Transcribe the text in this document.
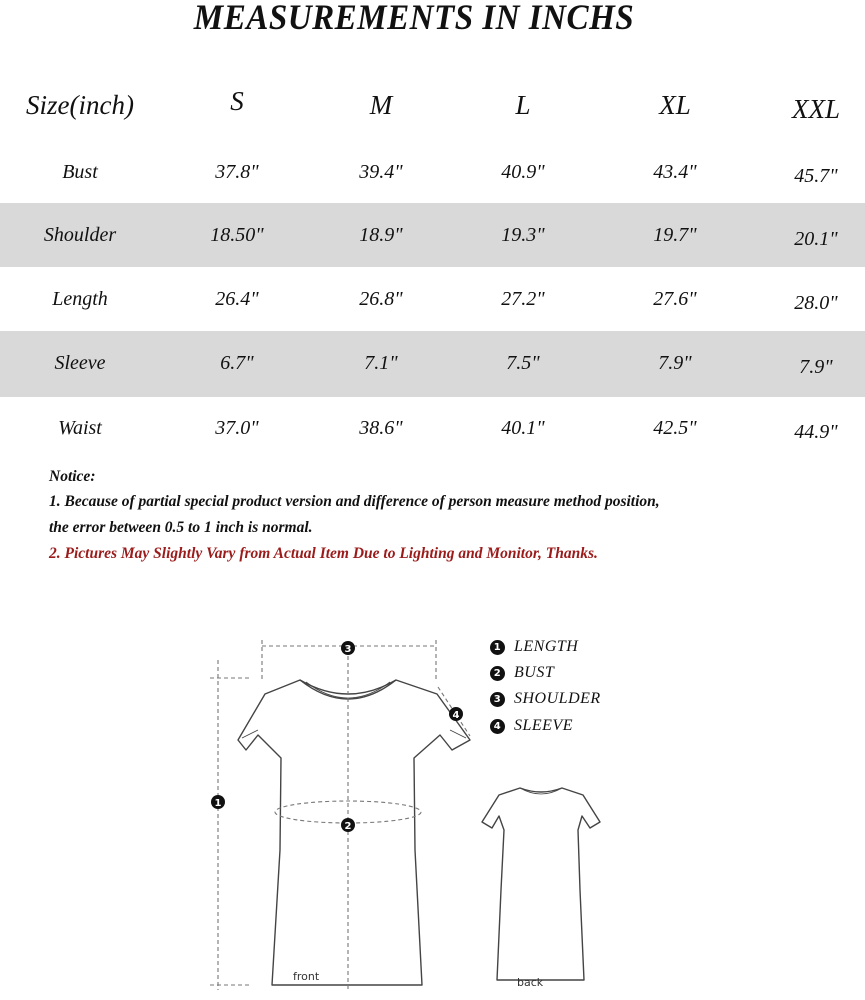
MEASUREMENTS IN INCHS
Size(inch)	S	M	L	XL	XXL
Bust	37.8"	39.4"	40.9"	43.4"	45.7"
Shoulder	18.50"	18.9"	19.3"	19.7"	20.1"
Length	26.4"	26.8"	27.2"	27.6"	28.0"
Sleeve	6.7"	7.1"	7.5"	7.9"	7.9"
Waist	37.0"	38.6"	40.1"	42.5"	44.9"
Notice:
1. Because of partial special product version and difference of person measure method position,
the error between 0.5 to 1 inch is normal.
2. Pictures May Slightly Vary from Actual Item Due to Lighting and Monitor, Thanks.
1
2
3
4
1 LENGTH
2 BUST
3 SHOULDER
4 SLEEVE
front	back
